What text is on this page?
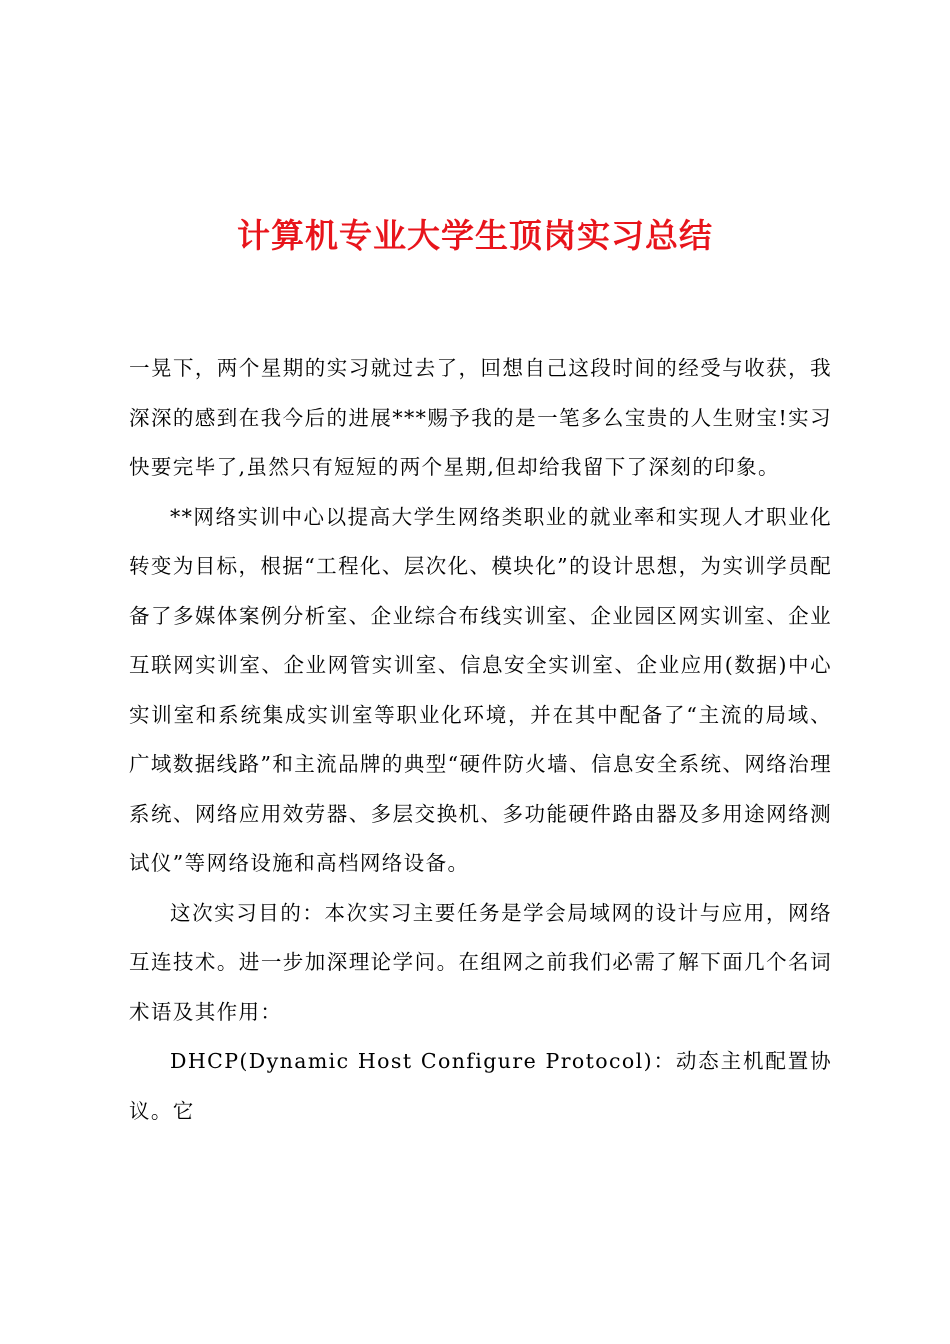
计算机专业大学生顶岗实习总结

一晃下，两个星期的实习就过去了，回想自己这段时间的经受与收获，我深深的感到在我今后的进展***赐予我的是一笔多么宝贵的人生财宝!实习快要完毕了,虽然只有短短的两个星期,但却给我留下了深刻的印象。

**网络实训中心以提高大学生网络类职业的就业率和实现人才职业化转变为目标，根据“工程化、层次化、模块化”的设计思想，为实训学员配备了多媒体案例分析室、企业综合布线实训室、企业园区网实训室、企业互联网实训室、企业网管实训室、信息安全实训室、企业应用(数据)中心实训室和系统集成实训室等职业化环境，并在其中配备了“主流的局域、广域数据线路”和主流品牌的典型“硬件防火墙、信息安全系统、网络治理系统、网络应用效劳器、多层交换机、多功能硬件路由器及多用途网络测试仪”等网络设施和高档网络设备。

这次实习目的：本次实习主要任务是学会局域网的设计与应用，网络互连技术。进一步加深理论学问。在组网之前我们必需了解下面几个名词术语及其作用：

DHCP(Dynamic Host Configure Protocol)：动态主机配置协议。它
